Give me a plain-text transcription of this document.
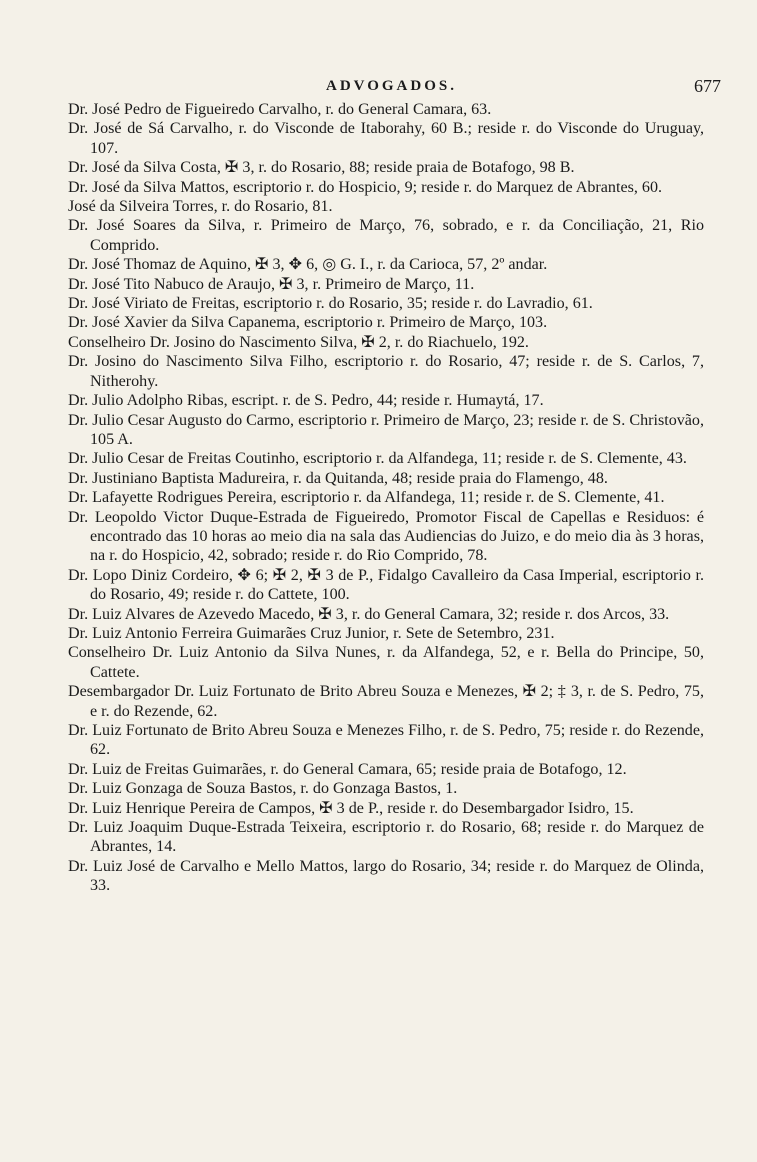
ADVOGADOS.	677

Dr. José Pedro de Figueiredo Carvalho, r. do General Camara, 63.

Dr. José de Sá Carvalho, r. do Visconde de Itaborahy, 60 B.; reside r. do Visconde do Uruguay, 107.

Dr. José da Silva Costa, ✠ 3, r. do Rosario, 88; reside praia de Botafogo, 98 B.

Dr. José da Silva Mattos, escriptorio r. do Hospicio, 9; reside r. do Marquez de Abrantes, 60.

José da Silveira Torres, r. do Rosario, 81.

Dr. José Soares da Silva, r. Primeiro de Março, 76, sobrado, e r. da Conciliação, 21, Rio Comprido.

Dr. José Thomaz de Aquino, ✠ 3, ✥ 6, ◎ G. I., r. da Carioca, 57, 2º andar.

Dr. José Tito Nabuco de Araujo, ✠ 3, r. Primeiro de Março, 11.

Dr. José Viriato de Freitas, escriptorio r. do Rosario, 35; reside r. do Lavradio, 61.

Dr. José Xavier da Silva Capanema, escriptorio r. Primeiro de Março, 103.

Conselheiro Dr. Josino do Nascimento Silva, ✠ 2, r. do Riachuelo, 192.

Dr. Josino do Nascimento Silva Filho, escriptorio r. do Rosario, 47; reside r. de S. Carlos, 7, Nitherohy.

Dr. Julio Adolpho Ribas, escript. r. de S. Pedro, 44; reside r. Humaytá, 17.

Dr. Julio Cesar Augusto do Carmo, escriptorio r. Primeiro de Março, 23; reside r. de S. Christovão, 105 A.

Dr. Julio Cesar de Freitas Coutinho, escriptorio r. da Alfandega, 11; reside r. de S. Clemente, 43.

Dr. Justiniano Baptista Madureira, r. da Quitanda, 48; reside praia do Flamengo, 48.

Dr. Lafayette Rodrigues Pereira, escriptorio r. da Alfandega, 11; reside r. de S. Clemente, 41.

Dr. Leopoldo Victor Duque-Estrada de Figueiredo, Promotor Fiscal de Capellas e Residuos: é encontrado das 10 horas ao meio dia na sala das Audiencias do Juizo, e do meio dia às 3 horas, na r. do Hospicio, 42, sobrado; reside r. do Rio Comprido, 78.

Dr. Lopo Diniz Cordeiro, ✥ 6; ✠ 2, ✠ 3 de P., Fidalgo Cavalleiro da Casa Imperial, escriptorio r. do Rosario, 49; reside r. do Cattete, 100.

Dr. Luiz Alvares de Azevedo Macedo, ✠ 3, r. do General Camara, 32; reside r. dos Arcos, 33.

Dr. Luiz Antonio Ferreira Guimarães Cruz Junior, r. Sete de Setembro, 231.

Conselheiro Dr. Luiz Antonio da Silva Nunes, r. da Alfandega, 52, e r. Bella do Principe, 50, Cattete.

Desembargador Dr. Luiz Fortunato de Brito Abreu Souza e Menezes, ✠ 2; ‡ 3, r. de S. Pedro, 75, e r. do Rezende, 62.

Dr. Luiz Fortunato de Brito Abreu Souza e Menezes Filho, r. de S. Pedro, 75; reside r. do Rezende, 62.

Dr. Luiz de Freitas Guimarães, r. do General Camara, 65; reside praia de Botafogo, 12.

Dr. Luiz Gonzaga de Souza Bastos, r. do Gonzaga Bastos, 1.

Dr. Luiz Henrique Pereira de Campos, ✠ 3 de P., reside r. do Desembargador Isidro, 15.

Dr. Luiz Joaquim Duque-Estrada Teixeira, escriptorio r. do Rosario, 68; reside r. do Marquez de Abrantes, 14.

Dr. Luiz José de Carvalho e Mello Mattos, largo do Rosario, 34; reside r. do Marquez de Olinda, 33.
